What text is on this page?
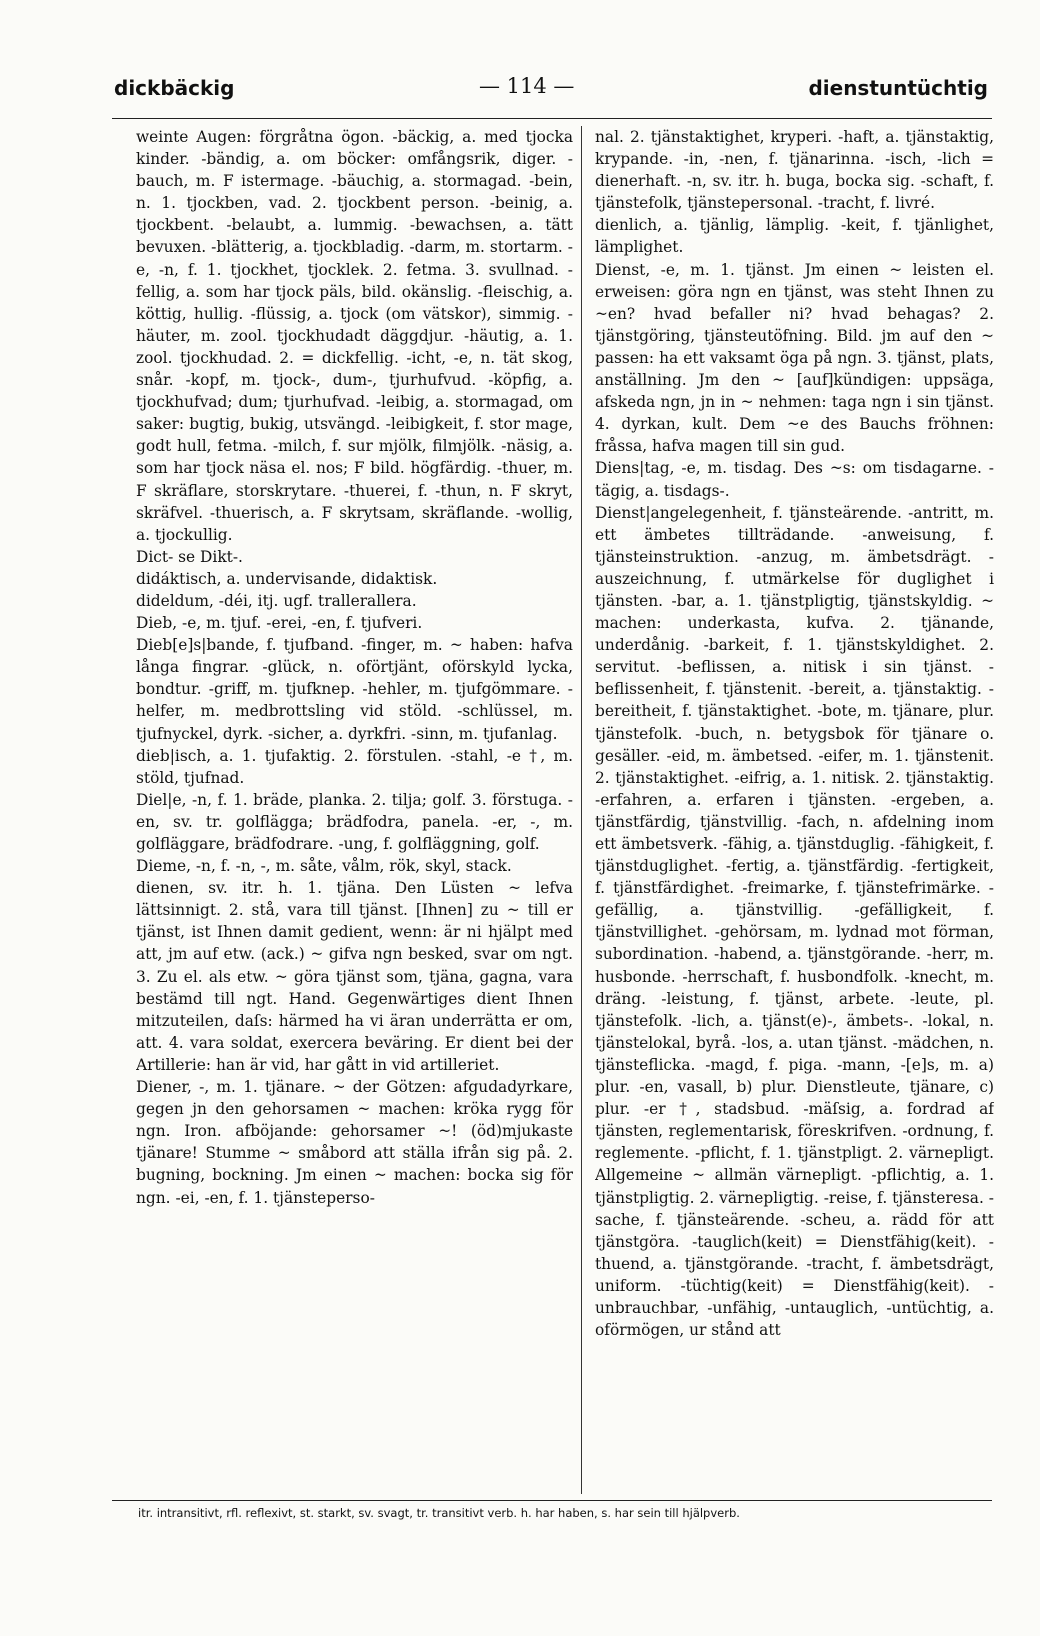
dickbäckig	— 114 —	dienstuntüchtig

weinte Augen: förgråtna ögon. -bäckig, a. med tjocka kinder. -bändig, a. om böcker: omfångsrik, diger. -bauch, m. F istermage. -bäuchig, a. stormagad. -bein, n. 1. tjockben, vad. 2. tjockbent person. -beinig, a. tjockbent. -belaubt, a. lummig. -bewachsen, a. tätt bevuxen. -blätterig, a. tjockbladig. -darm, m. stortarm. -e, -n, f. 1. tjockhet, tjocklek. 2. fetma. 3. svullnad. -fellig, a. som har tjock päls, bild. okänslig. -fleischig, a. köttig, hullig. -flüssig, a. tjock (om vätskor), simmig. -häuter, m. zool. tjockhudadt däggdjur. -häutig, a. 1. zool. tjockhudad. 2. = dickfellig. -icht, -e, n. tät skog, snår. -kopf, m. tjock-, dum-, tjurhufvud. -köpfig, a. tjockhufvad; dum; tjurhufvad. -leibig, a. stormagad, om saker: bugtig, bukig, utsvängd. -leibigkeit, f. stor mage, godt hull, fetma. -milch, f. sur mjölk, filmjölk. -näsig, a. som har tjock näsa el. nos; F bild. högfärdig. -thuer, m. F skräflare, storskrytare. -thuerei, f. -thun, n. F skryt, skräfvel. -thuerisch, a. F skrytsam, skräflande. -wollig, a. tjockullig.

Dict- se Dikt-.

didáktisch, a. undervisande, didaktisk.

dideldum, -déi, itj. ugf. trallerallera.

Dieb, -e, m. tjuf. -erei, -en, f. tjufveri.

Dieb[e]s|bande, f. tjufband. -finger, m. ~ haben: hafva långa fingrar. -glück, n. oförtjänt, oförskyld lycka, bondtur. -griff, m. tjufknep. -hehler, m. tjufgömmare. -helfer, m. medbrottsling vid stöld. -schlüssel, m. tjufnyckel, dyrk. -sicher, a. dyrkfri. -sinn, m. tjufanlag.

dieb|isch, a. 1. tjufaktig. 2. förstulen. -stahl, -e †, m. stöld, tjufnad.

Diel|e, -n, f. 1. bräde, planka. 2. tilja; golf. 3. förstuga. -en, sv. tr. golflägga; brädfodra, panela. -er, -, m. golfläggare, brädfodrare. -ung, f. golfläggning, golf.

Dieme, -n, f. -n, -, m. såte, vålm, rök, skyl, stack.

dienen, sv. itr. h. 1. tjäna. Den Lüsten ~ lefva lättsinnigt. 2. stå, vara till tjänst. [Ihnen] zu ~ till er tjänst, ist Ihnen damit gedient, wenn: är ni hjälpt med att, jm auf etw. (ack.) ~ gifva ngn besked, svar om ngt. 3. Zu el. als etw. ~ göra tjänst som, tjäna, gagna, vara bestämd till ngt. Hand. Gegenwärtiges dient Ihnen mitzuteilen, daſs: härmed ha vi äran underrätta er om, att. 4. vara soldat, exercera beväring. Er dient bei der Artillerie: han är vid, har gått in vid artilleriet.

Diener, -, m. 1. tjänare. ~ der Götzen: afgudadyrkare, gegen jn den gehorsamen ~ machen: kröka rygg för ngn. Iron. afböjande: gehorsamer ~! (öd)mjukaste tjänare! Stumme ~ småbord att ställa ifrån sig på. 2. bugning, bockning. Jm einen ~ machen: bocka sig för ngn. -ei, -en, f. 1. tjänsteperso-

nal. 2. tjänstaktighet, kryperi. -haft, a. tjänstaktig, krypande. -in, -nen, f. tjänarinna. -isch, -lich = dienerhaft. -n, sv. itr. h. buga, bocka sig. -schaft, f. tjänstefolk, tjänstepersonal. -tracht, f. livré.

dienlich, a. tjänlig, lämplig. -keit, f. tjänlighet, lämplighet.

Dienst, -e, m. 1. tjänst. Jm einen ~ leisten el. erweisen: göra ngn en tjänst, was steht Ihnen zu ~en? hvad befaller ni? hvad behagas? 2. tjänstgöring, tjänsteutöfning. Bild. jm auf den ~ passen: ha ett vaksamt öga på ngn. 3. tjänst, plats, anställning. Jm den ~ [auf]kündigen: uppsäga, afskeda ngn, jn in ~ nehmen: taga ngn i sin tjänst. 4. dyrkan, kult. Dem ~e des Bauchs fröhnen: fråssa, hafva magen till sin gud.

Diens|tag, -e, m. tisdag. Des ~s: om tisdagarne. -tägig, a. tisdags-.

Dienst|angelegenheit, f. tjänsteärende. -antritt, m. ett ämbetes tillträdande. -anweisung, f. tjänsteinstruktion. -anzug, m. ämbetsdrägt. -auszeichnung, f. utmärkelse för duglighet i tjänsten. -bar, a. 1. tjänstpligtig, tjänstskyldig. ~ machen: underkasta, kufva. 2. tjänande, underdånig. -barkeit, f. 1. tjänstskyldighet. 2. servitut. -beflissen, a. nitisk i sin tjänst. -beflissenheit, f. tjänstenit. -bereit, a. tjänstaktig. -bereitheit, f. tjänstaktighet. -bote, m. tjänare, plur. tjänstefolk. -buch, n. betygsbok för tjänare o. gesäller. -eid, m. ämbetsed. -eifer, m. 1. tjänstenit. 2. tjänstaktighet. -eifrig, a. 1. nitisk. 2. tjänstaktig. -erfahren, a. erfaren i tjänsten. -ergeben, a. tjänstfärdig, tjänstvillig. -fach, n. afdelning inom ett ämbetsverk. -fähig, a. tjänstduglig. -fähigkeit, f. tjänstduglighet. -fertig, a. tjänstfärdig. -fertigkeit, f. tjänstfärdighet. -freimarke, f. tjänstefrimärke. -gefällig, a. tjänstvillig. -gefälligkeit, f. tjänstvillighet. -gehörsam, m. lydnad mot förman, subordination. -habend, a. tjänstgörande. -herr, m. husbonde. -herrschaft, f. husbondfolk. -knecht, m. dräng. -leistung, f. tjänst, arbete. -leute, pl. tjänstefolk. -lich, a. tjänst(e)-, ämbets-. -lokal, n. tjänstelokal, byrå. -los, a. utan tjänst. -mädchen, n. tjänsteflicka. -magd, f. piga. -mann, -[e]s, m. a) plur. -en, vasall, b) plur. Dienstleute, tjänare, c) plur. -er †, stadsbud. -mäſsig, a. fordrad af tjänsten, reglementarisk, föreskrifven. -ordnung, f. reglemente. -pflicht, f. 1. tjänstpligt. 2. värnepligt. Allgemeine ~ allmän värnepligt. -pflichtig, a. 1. tjänstpligtig. 2. värnepligtig. -reise, f. tjänsteresa. -sache, f. tjänsteärende. -scheu, a. rädd för att tjänstgöra. -tauglich(keit) = Dienstfähig(keit). -thuend, a. tjänstgörande. -tracht, f. ämbetsdrägt, uniform. -tüchtig(keit) = Dienstfähig(keit). -unbrauchbar, -unfähig, -untauglich, -untüchtig, a. oförmögen, ur stånd att

itr. intransitivt, rfl. reflexivt, st. starkt, sv. svagt, tr. transitivt verb. h. har haben, s. har sein till hjälpverb.
